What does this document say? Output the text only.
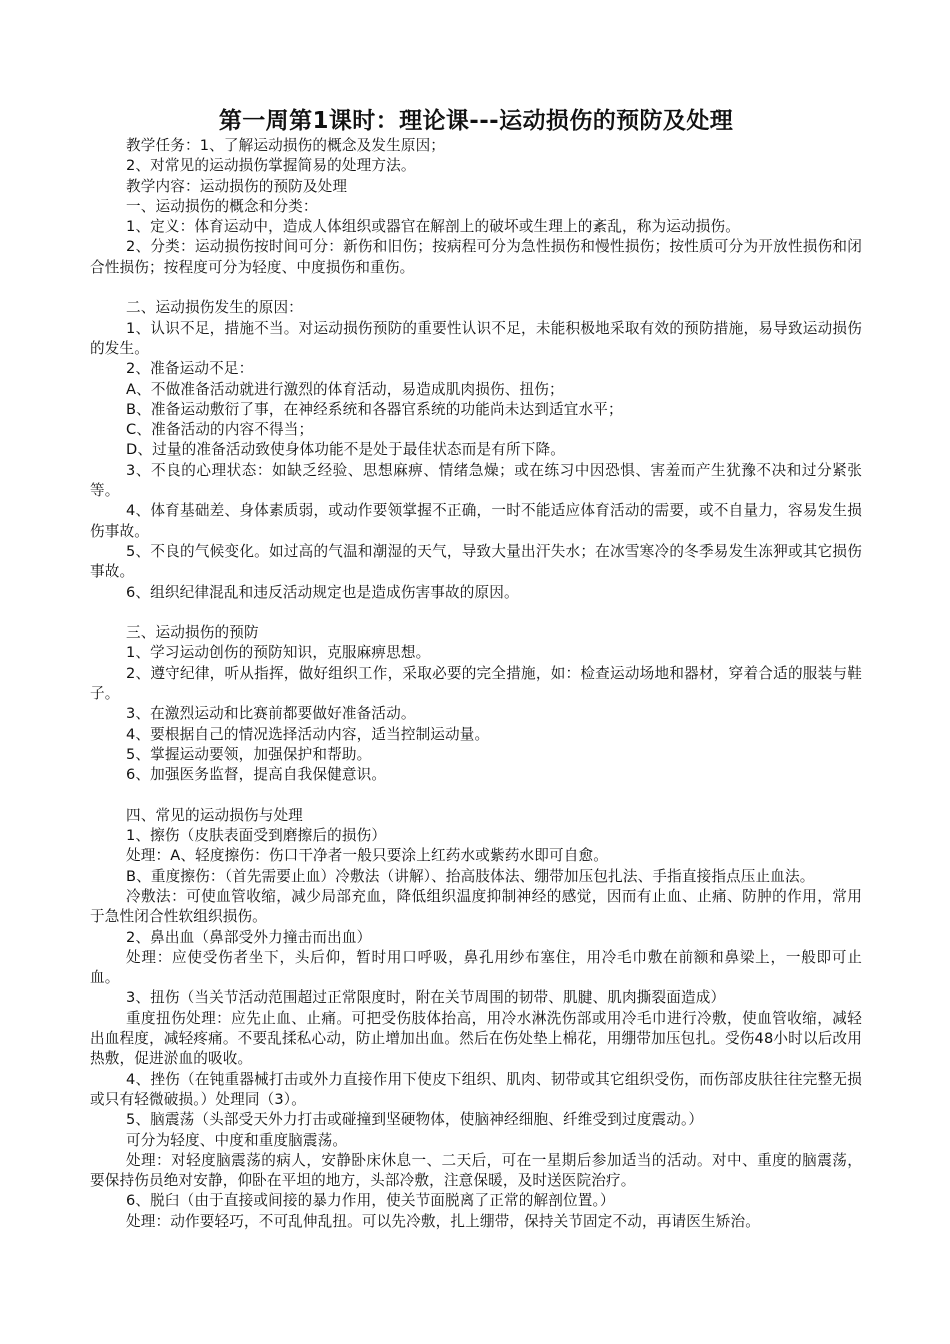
第一周第1课时：理论课---运动损伤的预防及处理
教学任务：1、了解运动损伤的概念及发生原因；
2、对常见的运动损伤掌握简易的处理方法。
教学内容：运动损伤的预防及处理
一、运动损伤的概念和分类：
1、定义：体育运动中，造成人体组织或器官在解剖上的破坏或生理上的紊乱，称为运动损伤。
2、分类：运动损伤按时间可分：新伤和旧伤；按病程可分为急性损伤和慢性损伤；按性质可分为开放性损伤和闭合性损伤；按程度可分为轻度、中度损伤和重伤。
二、运动损伤发生的原因：
1、认识不足，措施不当。对运动损伤预防的重要性认识不足，未能积极地采取有效的预防措施，易导致运动损伤的发生。
2、准备运动不足：
A、不做准备活动就进行激烈的体育活动，易造成肌肉损伤、扭伤；
B、准备运动敷衍了事，在神经系统和各器官系统的功能尚未达到适宜水平；
C、准备活动的内容不得当；
D、过量的准备活动致使身体功能不是处于最佳状态而是有所下降。
3、不良的心理状态：如缺乏经验、思想麻痹、情绪急燥；或在练习中因恐惧、害羞而产生犹豫不决和过分紧张等。
4、体育基础差、身体素质弱，或动作要领掌握不正确，一时不能适应体育活动的需要，或不自量力，容易发生损伤事故。
5、不良的气候变化。如过高的气温和潮湿的天气，导致大量出汗失水；在冰雪寒冷的冬季易发生冻狎或其它损伤事故。
6、组织纪律混乱和违反活动规定也是造成伤害事故的原因。
三、运动损伤的预防
1、学习运动创伤的预防知识，克服麻痹思想。
2、遵守纪律，听从指挥，做好组织工作，采取必要的完全措施，如：检查运动场地和器材，穿着合适的服装与鞋子。
3、在激烈运动和比赛前都要做好准备活动。
4、要根据自己的情况选择活动内容，适当控制运动量。
5、掌握运动要领，加强保护和帮助。
6、加强医务监督，提高自我保健意识。
四、常见的运动损伤与处理
1、擦伤（皮肤表面受到磨擦后的损伤）
处理：A、轻度擦伤：伤口干净者一般只要涂上红药水或紫药水即可自愈。
B、重度擦伤：（首先需要止血）冷敷法（讲解）、抬高肢体法、绷带加压包扎法、手指直接指点压止血法。
冷敷法：可使血管收缩，减少局部充血，降低组织温度抑制神经的感觉，因而有止血、止痛、防肿的作用，常用于急性闭合性软组织损伤。
2、鼻出血（鼻部受外力撞击而出血）
处理：应使受伤者坐下，头后仰，暂时用口呼吸，鼻孔用纱布塞住，用冷毛巾敷在前额和鼻梁上，一般即可止血。
3、扭伤（当关节活动范围超过正常限度时，附在关节周围的韧带、肌腱、肌肉撕裂面造成）
重度扭伤处理：应先止血、止痛。可把受伤肢体抬高，用冷水淋洗伤部或用冷毛巾进行冷敷，使血管收缩，减轻出血程度，减轻疼痛。不要乱揉私心动，防止增加出血。然后在伤处垫上棉花，用绷带加压包扎。受伤48小时以后改用热敷，促进淤血的吸收。
4、挫伤（在钝重器械打击或外力直接作用下使皮下组织、肌肉、韧带或其它组织受伤，而伤部皮肤往往完整无损或只有轻微破损。）处理同（3）。
5、脑震荡（头部受天外力打击或碰撞到坚硬物体，使脑神经细胞、纤维受到过度震动。）
可分为轻度、中度和重度脑震荡。
处理：对轻度脑震荡的病人，安静卧床休息一、二天后，可在一星期后参加适当的活动。对中、重度的脑震荡，要保持伤员绝对安静，仰卧在平坦的地方，头部冷敷，注意保暖，及时送医院治疗。
6、脱臼（由于直接或间接的暴力作用，使关节面脱离了正常的解剖位置。）
处理：动作要轻巧，不可乱伸乱扭。可以先冷敷，扎上绷带，保持关节固定不动，再请医生矫治。
